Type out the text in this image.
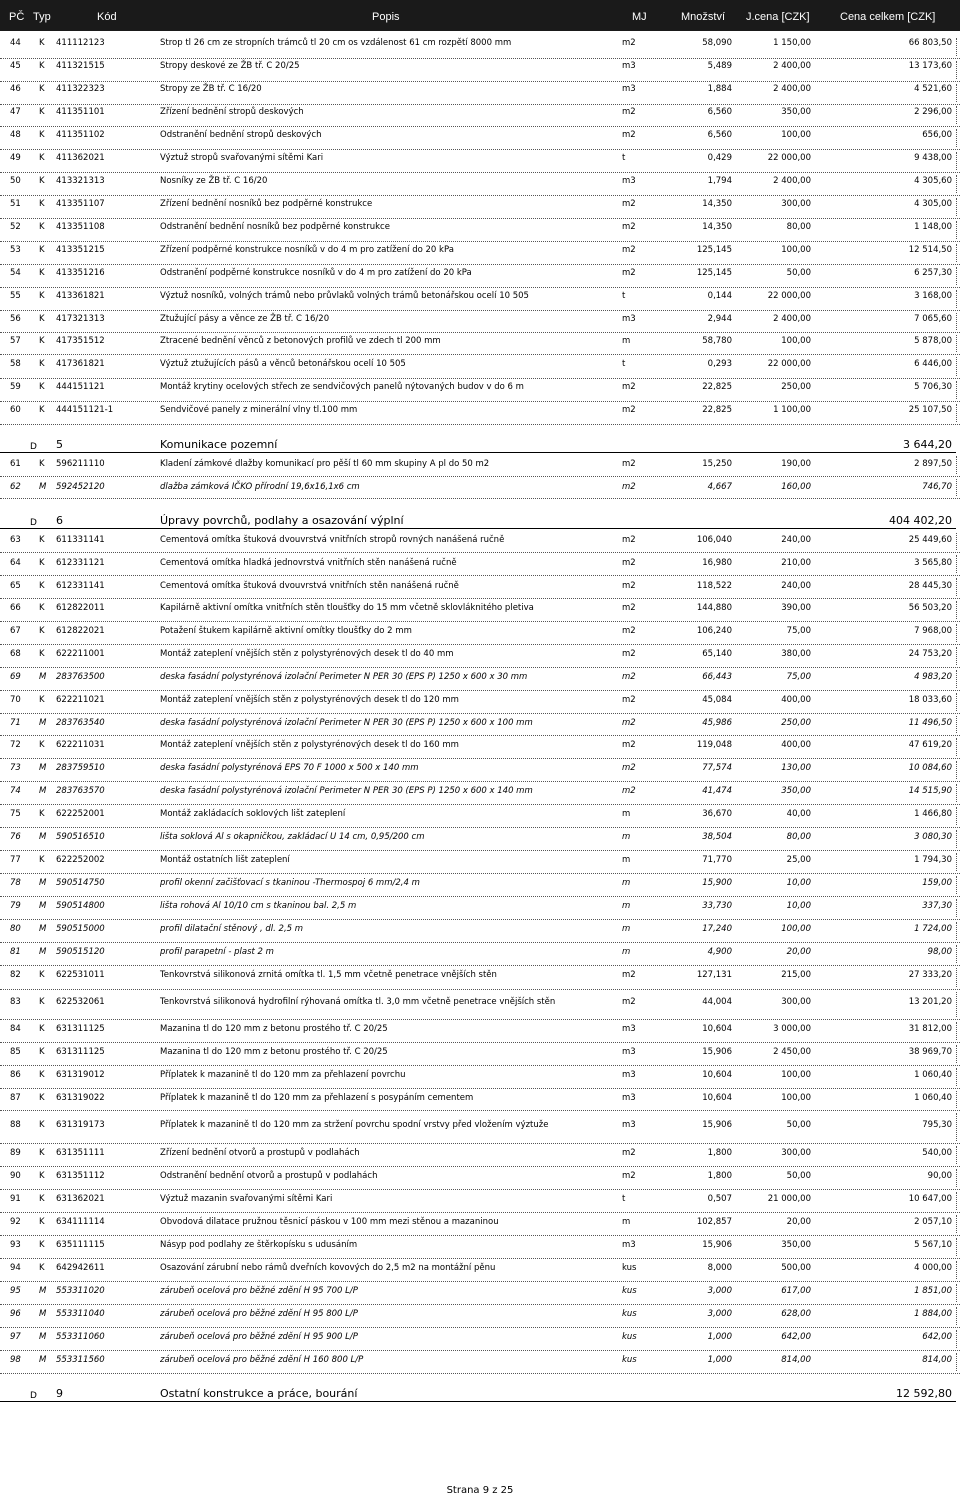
PČ Typ	Kód	Popis	MJ	Množství J.cena [CZK]	Cena celkem [CZK]
44 K 411112123	Strop tl 26 cm ze stropních trámců tl 20 cm os vzdálenost 61 cm rozpětí 8000 mm	m2	58,090	1 150,00	66 803,50
45 K 411321515	Stropy deskové ze ŽB tř. C 20/25	m3	5,489	2 400,00	13 173,60
46 K 411322323	Stropy ze ŽB tř. C 16/20	m3	1,884	2 400,00	4 521,60
47 K 411351101	Zřízení bednění stropů deskových	m2	6,560	350,00	2 296,00
48 K 411351102	Odstranění bednění stropů deskových	m2	6,560	100,00	656,00
49 K 411362021	Výztuž stropů svařovanými sítěmi Kari	t	0,429	22 000,00	9 438,00
50 K 413321313	Nosníky ze ŽB tř. C 16/20	m3	1,794	2 400,00	4 305,60
51 K 413351107	Zřízení bednění nosníků bez podpěrné konstrukce	m2	14,350	300,00	4 305,00
52 K 413351108	Odstranění bednění nosníků bez podpěrné konstrukce	m2	14,350	80,00	1 148,00
53 K 413351215	Zřízení podpěrné konstrukce nosníků v do 4 m pro zatížení do 20 kPa	m2	125,145	100,00	12 514,50
54 K 413351216	Odstranění podpěrné konstrukce nosníků v do 4 m pro zatížení do 20 kPa	m2	125,145	50,00	6 257,30
55 K 413361821	Výztuž nosníků, volných trámů nebo průvlaků volných trámů betonářskou ocelí 10 505	t	0,144	22 000,00	3 168,00
56 K 417321313	Ztužující pásy a věnce ze ŽB tř. C 16/20	m3	2,944	2 400,00	7 065,60
57 K 417351512	Ztracené bednění věnců z betonových profilů ve zdech tl 200 mm	m	58,780	100,00	5 878,00
58 K 417361821	Výztuž ztužujících pásů a věnců betonářskou ocelí 10 505	t	0,293	22 000,00	6 446,00
59 K 444151121	Montáž krytiny ocelových střech ze sendvičových panelů nýtovaných budov v do 6 m	m2	22,825	250,00	5 706,30
60 K 444151121-1	Sendvičové panely z minerální vlny tl.100 mm	m2	22,825	1 100,00	25 107,50
61 K 596211110	Kladení zámkové dlažby komunikací pro pěší tl 60 mm skupiny A pl do 50 m2	m2	15,250	190,00	2 897,50
62 M 592452120	dlažba zámková IČKO přírodní 19,6x16,1x6 cm	m2	4,667	160,00	746,70
63 K 611331141	Cementová omítka štuková dvouvrstvá vnitřních stropů rovných nanášená ručně	m2	106,040	240,00	25 449,60
64 K 612331121	Cementová omítka hladká jednovrstvá vnitřních stěn nanášená ručně	m2	16,980	210,00	3 565,80
65 K 612331141	Cementová omítka štuková dvouvrstvá vnitřních stěn nanášená ručně	m2	118,522	240,00	28 445,30
66 K 612822011	Kapilárně aktivní omítka vnitřních stěn tloušťky do 15 mm včetně sklovláknitého pletiva	m2	144,880	390,00	56 503,20
67 K 612822021	Potažení štukem kapilárně aktivní omítky tloušťky do 2 mm	m2	106,240	75,00	7 968,00
68 K 622211001	Montáž zateplení vnějších stěn z polystyrénových desek tl do 40 mm	m2	65,140	380,00	24 753,20
69 M 283763500	deska fasádní polystyrénová izolační Perimeter N PER 30 (EPS P) 1250 x 600 x 30 mm	m2	66,443	75,00	4 983,20
70 K 622211021	Montáž zateplení vnějších stěn z polystyrénových desek tl do 120 mm	m2	45,084	400,00	18 033,60
71 M 283763540	deska fasádní polystyrénová izolační Perimeter N PER 30 (EPS P) 1250 x 600 x 100 mm	m2	45,986	250,00	11 496,50
72 K 622211031	Montáž zateplení vnějších stěn z polystyrénových desek tl do 160 mm	m2	119,048	400,00	47 619,20
73 M 283759510	deska fasádní polystyrénová EPS 70 F 1000 x 500 x 140 mm	m2	77,574	130,00	10 084,60
74 M 283763570	deska fasádní polystyrénová izolační Perimeter N PER 30 (EPS P) 1250 x 600 x 140 mm	m2	41,474	350,00	14 515,90
75 K 622252001	Montáž zakládacích soklových lišt zateplení	m	36,670	40,00	1 466,80
76 M 590516510	lišta soklová Al s okapničkou, zakládací U 14 cm, 0,95/200 cm	m	38,504	80,00	3 080,30
77 K 622252002	Montáž ostatních lišt zateplení	m	71,770	25,00	1 794,30
78 M 590514750	profil okenní začišťovací s tkaninou -Thermospoj 6 mm/2,4 m	m	15,900	10,00	159,00
79 M 590514800	lišta rohová Al 10/10 cm s tkaninou bal. 2,5 m	m	33,730	10,00	337,30
80 M 590515000	profil dilatační stěnový , dl. 2,5 m	m	17,240	100,00	1 724,00
81 M 590515120	profil parapetní - plast 2 m	m	4,900	20,00	98,00
82 K 622531011	Tenkovrstvá silikonová zrnitá omítka tl. 1,5 mm včetně penetrace vnějších stěn	m2	127,131	215,00	27 333,20
83 K 622532061	Tenkovrstvá silikonová hydrofilní rýhovaná omítka tl. 3,0 mm včetně penetrace vnějších stěn	m2	44,004	300,00	13 201,20
84 K 631311125	Mazanina tl do 120 mm z betonu prostého tř. C 20/25	m3	10,604	3 000,00	31 812,00
85 K 631311125	Mazanina tl do 120 mm z betonu prostého tř. C 20/25	m3	15,906	2 450,00	38 969,70
86 K 631319012	Příplatek k mazanině tl do 120 mm za přehlazení povrchu	m3	10,604	100,00	1 060,40
87 K 631319022	Příplatek k mazanině tl do 120 mm za přehlazení s posypáním cementem	m3	10,604	100,00	1 060,40
88 K 631319173	Příplatek k mazanině tl do 120 mm za stržení povrchu spodní vrstvy před vložením výztuže	m3	15,906	50,00	795,30
89 K 631351111	Zřízení bednění otvorů a prostupů v podlahách	m2	1,800	300,00	540,00
90 K 631351112	Odstranění bednění otvorů a prostupů v podlahách	m2	1,800	50,00	90,00
91 K 631362021	Výztuž mazanin svařovanými sítěmi Kari	t	0,507	21 000,00	10 647,00
92 K 634111114	Obvodová dilatace pružnou těsnicí páskou v 100 mm mezi stěnou a mazaninou	m	102,857	20,00	2 057,10
93 K 635111115	Násyp pod podlahy ze štěrkopísku s udusáním	m3	15,906	350,00	5 567,10
94 K 642942611	Osazování zárubní nebo rámů dveřních kovových do 2,5 m2 na montážní pěnu	kus	8,000	500,00	4 000,00
95 M 553311020	zárubeň ocelová pro běžné zdění H 95 700 L/P	kus	3,000	617,00	1 851,00
96 M 553311040	zárubeň ocelová pro běžné zdění H 95 800 L/P	kus	3,000	628,00	1 884,00
97 M 553311060	zárubeň ocelová pro běžné zdění H 95 900 L/P	kus	1,000	642,00	642,00
98 M 553311560	zárubeň ocelová pro běžné zdění H 160 800 L/P	kus	1,000	814,00	814,00
D 5	Komunikace pozemní	3 644,20
D 6	Úpravy povrchů, podlahy a osazování výplní	404 402,20
D 9	Ostatní konstrukce a práce, bourání	12 592,80
Strana 9 z 25
